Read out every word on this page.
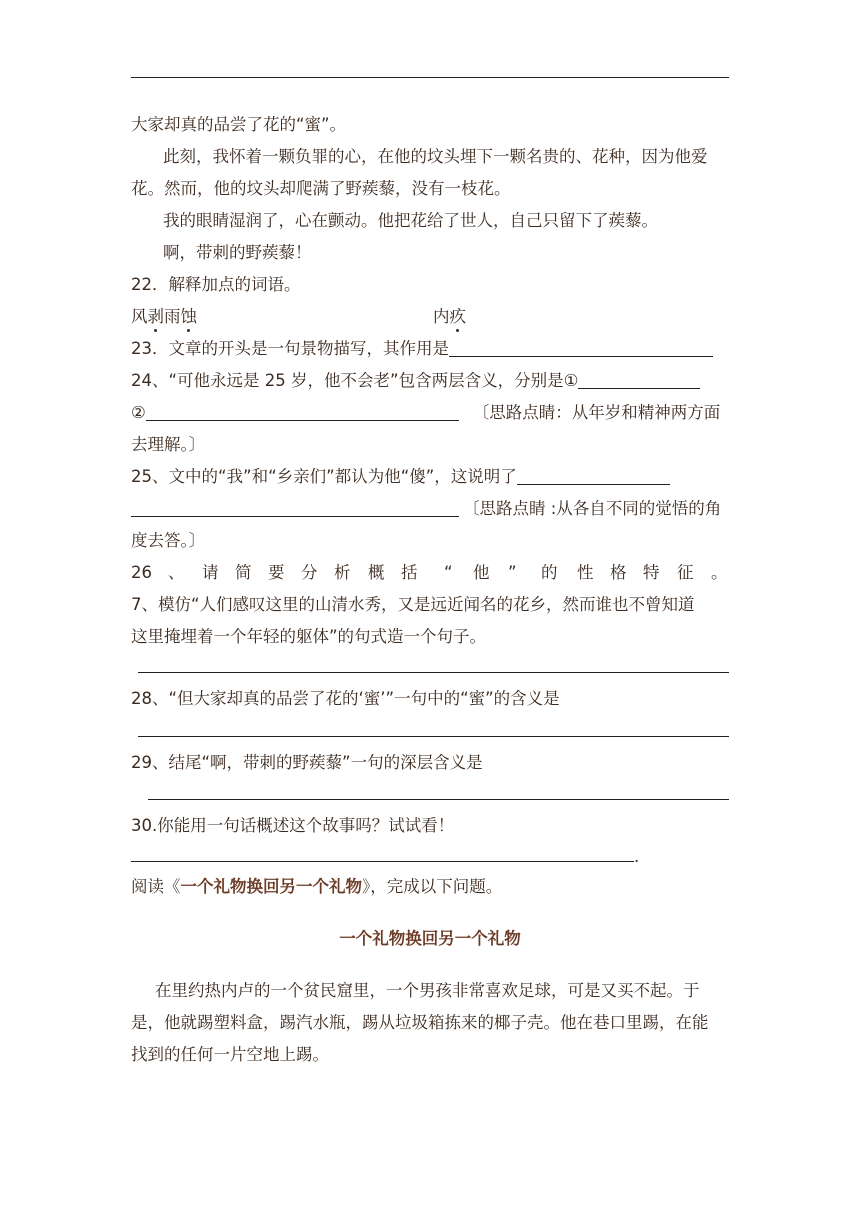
大家却真的品尝了花的“蜜”。
此刻，我怀着一颗负罪的心，在他的坟头埋下一颗名贵的、花种，因为他爱
花。然而，他的坟头却爬满了野蒺藜，没有一枝花。
我的眼睛湿润了，心在颤动。他把花给了世人，自己只留下了蒺藜。
啊，带刺的野蒺藜！
22．解释加点的词语。
风剥雨蚀	内疚
23．文章的开头是一句景物描写，其作用是
24、“可他永远是 25 岁，他不会老”包含两层含义，分别是①
②	〔思路点睛：从年岁和精神两方面
去理解。〕
25、文中的“我”和“乡亲们”都认为他“傻”，这说明了
〔思路点睛 :从各自不同的觉悟的角
度去答。〕
26 、 请 简 要 分 析 概 括 “ 他 ” 的 性 格 特 征 。
7、模仿“人们感叹这里的山清水秀，又是远近闻名的花乡，然而谁也不曾知道
这里掩埋着一个年轻的躯体”的句式造一个句子。
28、“但大家却真的品尝了花的‘蜜’”一句中的“蜜”的含义是
29、结尾“啊，带刺的野蒺藜”一句的深层含义是
30.你能用一句话概述这个故事吗？试试看！
.
阅读《一个礼物换回另一个礼物》，完成以下问题。
一个礼物换回另一个礼物
在里约热内卢的一个贫民窟里，一个男孩非常喜欢足球，可是又买不起。于
是，他就踢塑料盒，踢汽水瓶，踢从垃圾箱拣来的椰子壳。他在巷口里踢，在能
找到的任何一片空地上踢。
